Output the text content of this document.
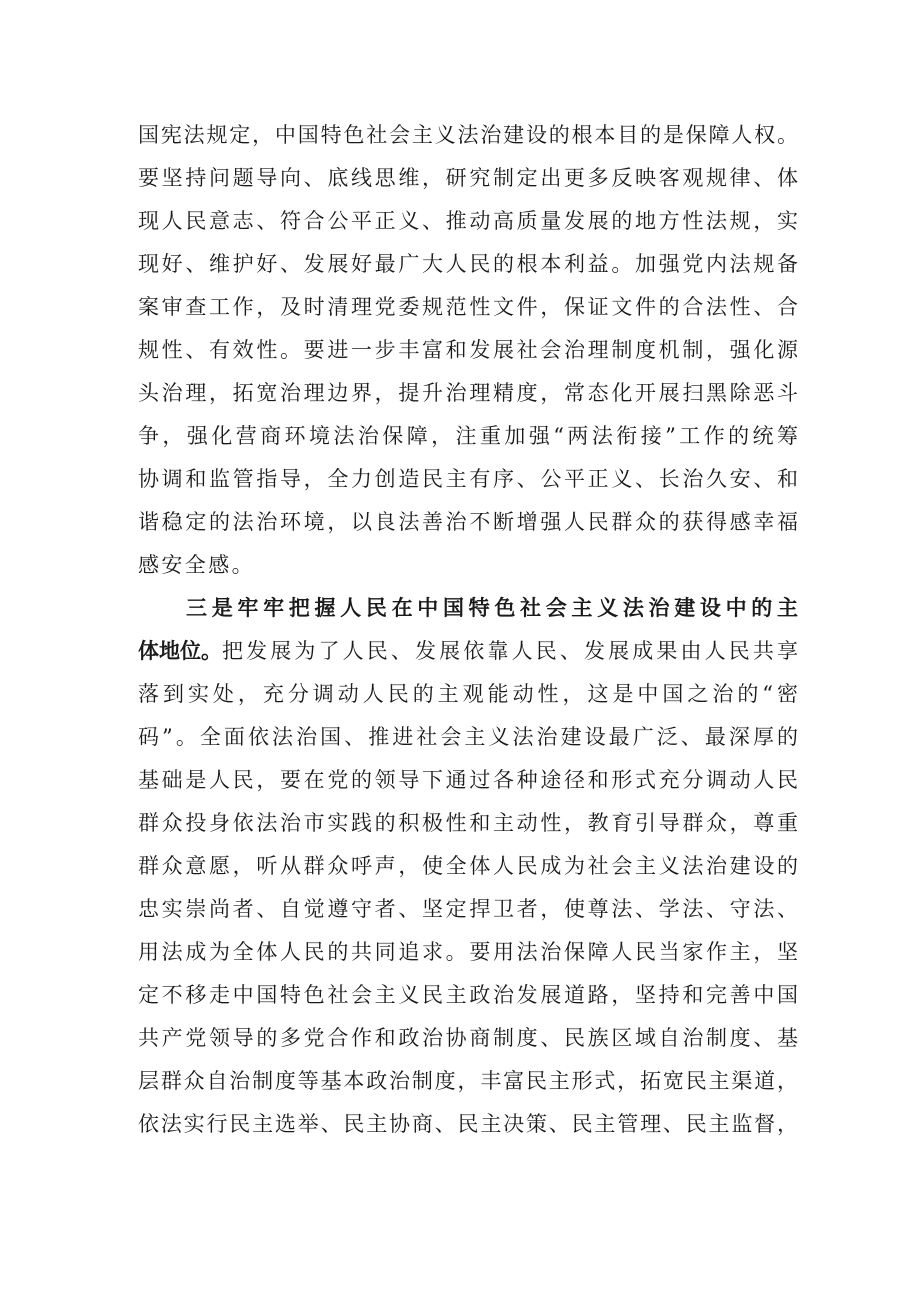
国宪法规定，中国特色社会主义法治建设的根本目的是保障人权。
要坚持问题导向、底线思维，研究制定出更多反映客观规律、体
现人民意志、符合公平正义、推动高质量发展的地方性法规，实
现好、维护好、发展好最广大人民的根本利益。加强党内法规备
案审查工作，及时清理党委规范性文件，保证文件的合法性、合
规性、有效性。要进一步丰富和发展社会治理制度机制，强化源
头治理，拓宽治理边界，提升治理精度，常态化开展扫黑除恶斗
争，强化营商环境法治保障，注重加强“两法衔接”工作的统筹
协调和监管指导，全力创造民主有序、公平正义、长治久安、和
谐稳定的法治环境，以良法善治不断增强人民群众的获得感幸福
感安全感。
三是牢牢把握人民在中国特色社会主义法治建设中的主
体地位。 把发展为了人民、发展依靠人民、发展成果由人民共享
落到实处，充分调动人民的主观能动性，这是中国之治的“密
码”。全面依法治国、推进社会主义法治建设最广泛、最深厚的
基础是人民，要在党的领导下通过各种途径和形式充分调动人民
群众投身依法治市实践的积极性和主动性，教育引导群众，尊重
群众意愿，听从群众呼声，使全体人民成为社会主义法治建设的
忠实崇尚者、自觉遵守者、坚定捍卫者，使尊法、学法、守法、
用法成为全体人民的共同追求。要用法治保障人民当家作主，坚
定不移走中国特色社会主义民主政治发展道路，坚持和完善中国
共产党领导的多党合作和政治协商制度、民族区域自治制度、基
层群众自治制度等基本政治制度，丰富民主形式，拓宽民主渠道，
依法实行民主选举、民主协商、民主决策、民主管理、民主监督，
